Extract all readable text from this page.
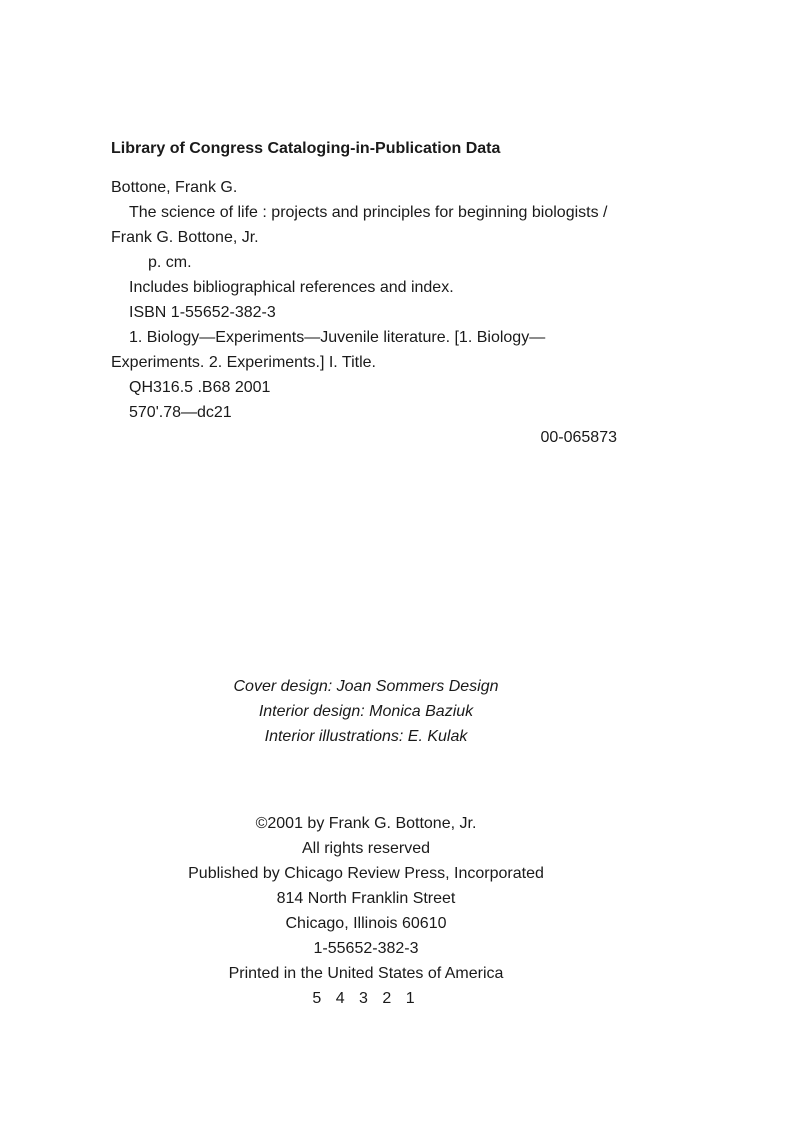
Library of Congress Cataloging-in-Publication Data
Bottone, Frank G.
The science of life : projects and principles for beginning biologists /
Frank G. Bottone, Jr.
p. cm.
Includes bibliographical references and index.
ISBN 1-55652-382-3
1. Biology—Experiments—Juvenile literature. [1. Biology—
Experiments. 2. Experiments.] I. Title.
QH316.5 .B68 2001
570'.78—dc21
00-065873
Cover design: Joan Sommers Design
Interior design: Monica Baziuk
Interior illustrations: E. Kulak
©2001 by Frank G. Bottone, Jr.
All rights reserved
Published by Chicago Review Press, Incorporated
814 North Franklin Street
Chicago, Illinois 60610
1-55652-382-3
Printed in the United States of America
5 4 3 2 1
